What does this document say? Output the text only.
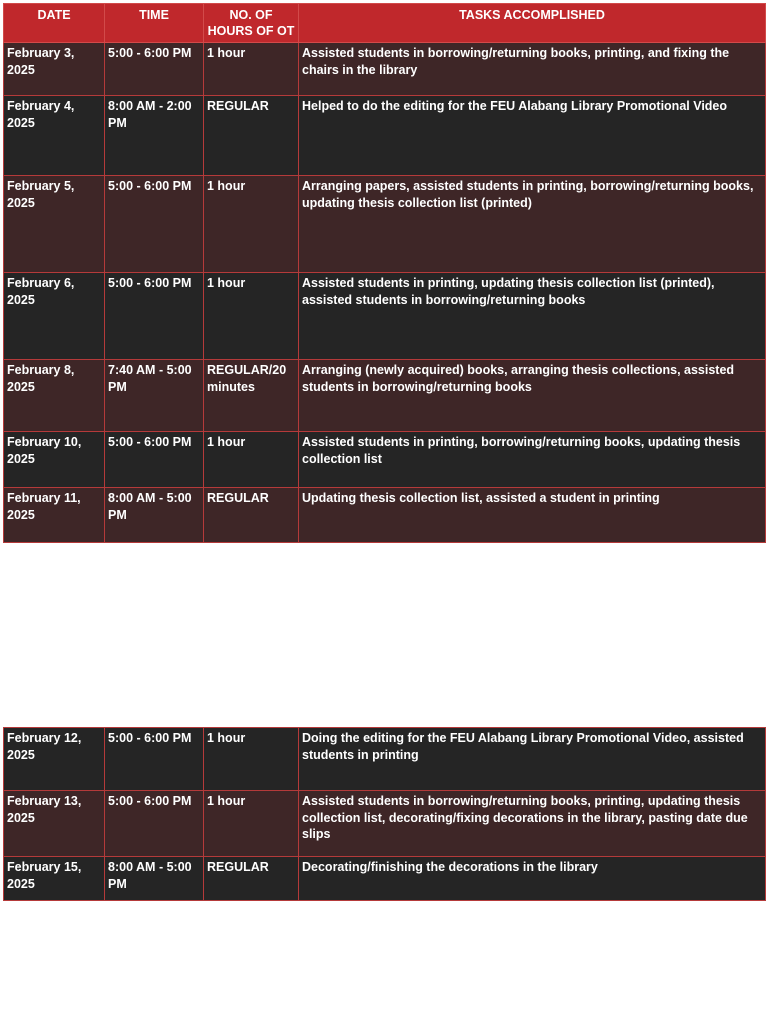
DATE	TIME	NO. OF HOURS OF OT	TASKS ACCOMPLISHED
February 3, 2025	5:00 - 6:00 PM	1 hour	Assisted students in borrowing/returning books, printing, and fixing the chairs in the library
February 4, 2025	8:00 AM - 2:00 PM	REGULAR	Helped to do the editing for the FEU Alabang Library Promotional Video
February 5, 2025	5:00 - 6:00 PM	1 hour	Arranging papers, assisted students in printing, borrowing/returning books, updating thesis collection list (printed)
February 6, 2025	5:00 - 6:00 PM	1 hour	Assisted students in printing, updating thesis collection list (printed), assisted students in borrowing/returning books
February 8, 2025	7:40 AM - 5:00 PM	REGULAR/20 minutes	Arranging (newly acquired) books, arranging thesis collections, assisted students in borrowing/returning books
February 10, 2025	5:00 - 6:00 PM	1 hour	Assisted students in printing, borrowing/returning books, updating thesis collection list
February 11, 2025	8:00 AM - 5:00 PM	REGULAR	Updating thesis collection list, assisted a student in printing
February 12, 2025	5:00 - 6:00 PM	1 hour	Doing the editing for the FEU Alabang Library Promotional Video, assisted students in printing
February 13, 2025	5:00 - 6:00 PM	1 hour	Assisted students in borrowing/returning books, printing, updating thesis collection list, decorating/fixing decorations in the library, pasting date due slips
February 15, 2025	8:00 AM - 5:00 PM	REGULAR	Decorating/finishing the decorations in the library
